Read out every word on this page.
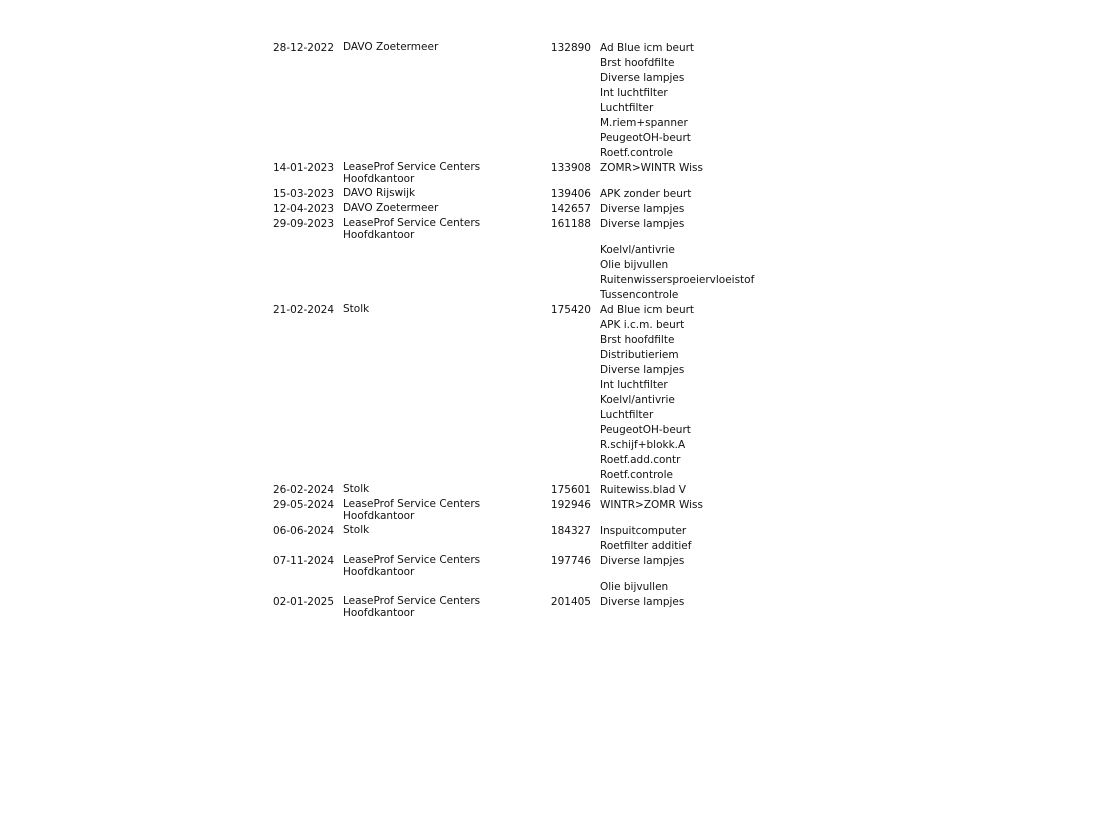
28-12-2022 DAVO Zoetermeer	132890 Ad Blue icm beurt
Brst hoofdfilte
Diverse lampjes
Int luchtfilter
Luchtfilter
M.riem+spanner
PeugeotOH-beurt
Roetf.controle
14-01-2023 LeaseProf Service Centers
Hoofdkantoor
133908 ZOMR>WINTR Wiss
15-03-2023 DAVO Rijswijk	139406 APK zonder beurt
12-04-2023 DAVO Zoetermeer	142657 Diverse lampjes
29-09-2023 LeaseProf Service Centers
Hoofdkantoor
161188 Diverse lampjes
Koelvl/antivrie
Olie bijvullen
Ruitenwissersproeiervloeistof
Tussencontrole
21-02-2024 Stolk	175420 Ad Blue icm beurt
APK i.c.m. beurt
Brst hoofdfilte
Distributieriem
Diverse lampjes
Int luchtfilter
Koelvl/antivrie
Luchtfilter
PeugeotOH-beurt
R.schijf+blokk.A
Roetf.add.contr
Roetf.controle
26-02-2024 Stolk	175601 Ruitewiss.blad V
29-05-2024 LeaseProf Service Centers
Hoofdkantoor
192946 WINTR>ZOMR Wiss
06-06-2024 Stolk	184327 Inspuitcomputer
Roetfilter additief
07-11-2024 LeaseProf Service Centers
Hoofdkantoor
197746 Diverse lampjes
Olie bijvullen
02-01-2025 LeaseProf Service Centers
Hoofdkantoor
201405 Diverse lampjes
